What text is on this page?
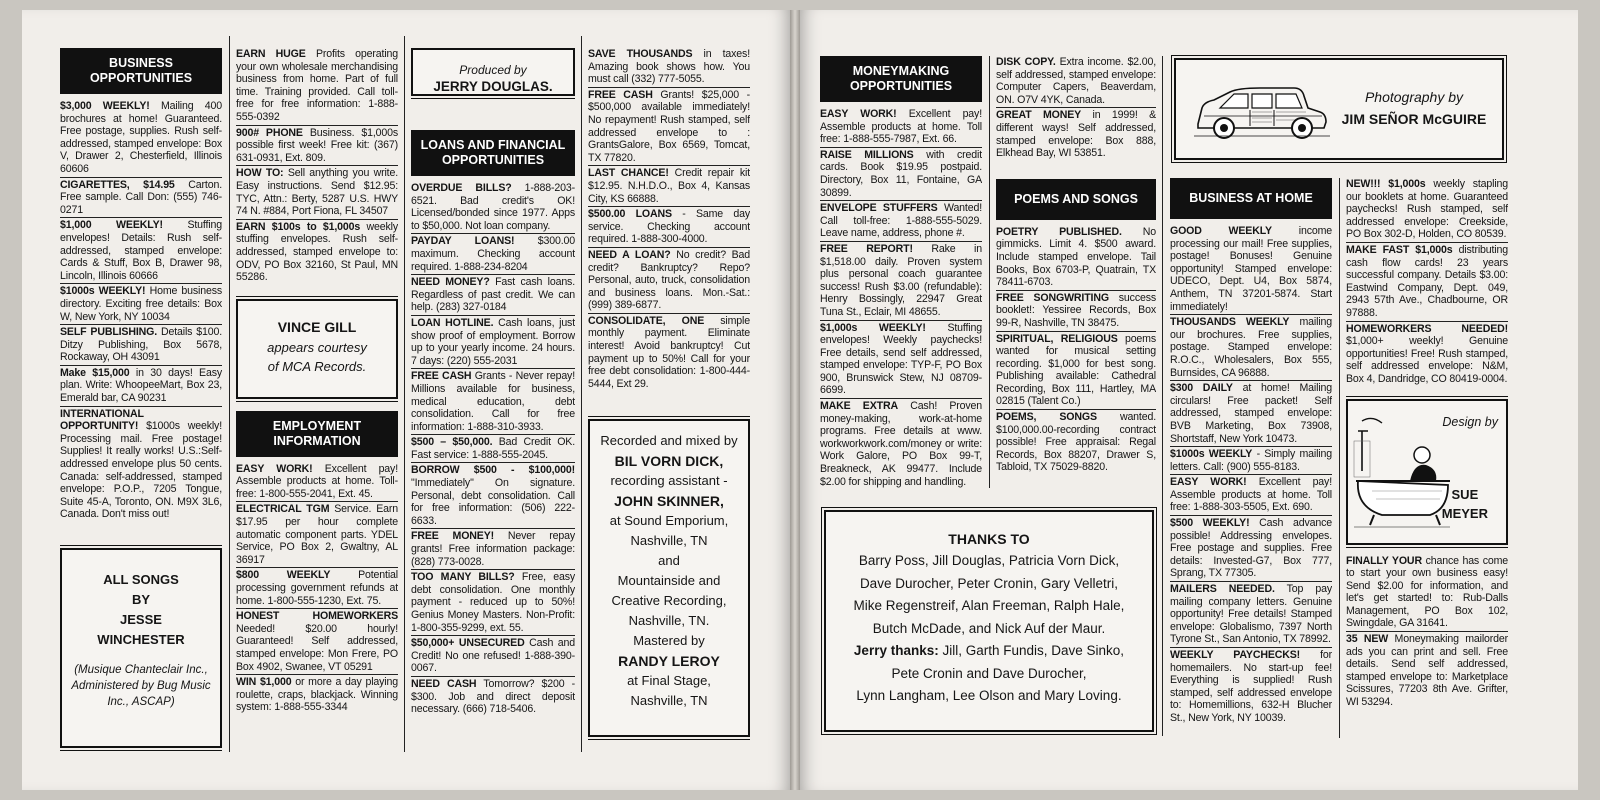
BUSINESS OPPORTUNITIES
$3,000 WEEKLY! Mailing 400 brochures at home! Guaranteed. Free postage, supplies. Rush self-addressed, stamped envelope: Box V, Drawer 2, Chesterfield, Illinois 60606
CIGARETTES, $14.95 Carton. Free sample. Call Don: (555) 746-0271
$1,000 WEEKLY! Stuffing envelopes! Details: Rush self-addressed, stamped envelope: Cards & Stuff, Box B, Drawer 98, Lincoln, Illinois 60666
$1000s WEEKLY! Home business directory. Exciting free details: Box W, New York, NY 10034
SELF PUBLISHING. Details $100. Ditzy Publishing, Box 5678, Rockaway, OH 43091
Make $15,000 in 30 days! Easy plan. Write: WhoopeeMart, Box 23, Emerald bar, CA 90231
INTERNATIONAL OPPORTUNITY! $1000s weekly! Processing mail. Free postage! Supplies! It really works! U.S.:Self-addressed envelope plus 50 cents. Canada: self-addressed, stamped envelope: P.O.P., 7205 Tongue, Suite 45-A, Toronto, ON. M9X 3L6, Canada. Don't miss out!
ALL SONGS
BY
JESSE
WINCHESTER
(Musique Chanteclair Inc., Administered by Bug Music Inc., ASCAP)
EARN HUGE Profits operating your own wholesale merchandising business from home. Part of full time. Training provided. Call toll-free for free information: 1-888-555-0392
900# PHONE Business. $1,000s possible first week! Free kit: (367) 631-0931, Ext. 809.
HOW TO: Sell anything you write. Easy instructions. Send $12.95: TYC, Attn.: Berty, 5287 U.S. HWY 74 N. #884, Port Fiona, FL 34507
EARN $100s to $1,000s weekly stuffing envelopes. Rush self-addressed, stamped envelope to: ODV, PO Box 32160, St Paul, MN 55286.
VINCE GILL
appears courtesy
of MCA Records.
EMPLOYMENT INFORMATION
EASY WORK! Excellent pay! Assemble products at home. Toll-free: 1-800-555-2041, Ext. 45.
ELECTRICAL TGM Service. Earn $17.95 per hour complete automatic component parts. YDEL Service, PO Box 2, Gwaltny, AL 36917
$800 WEEKLY	Potential processing government refunds at home. 1-800-555-1230, Ext. 75.
HONEST HOMEWORKERS Needed! $20.00 hourly! Guaranteed! Self addressed, stamped envelope: Mon Frere, PO Box 4902, Swanee, VT 05291
WIN $1,000 or more a day playing roulette, craps, blackjack. Winning system: 1-888-555-3344
Produced by
JERRY DOUGLAS.
LOANS AND FINANCIAL OPPORTUNITIES
OVERDUE BILLS? 1-888-203-6521. Bad credit's OK! Licensed/bonded since 1977. Apps to $50,000. Not loan company.
PAYDAY LOANS! $300.00 maximum. Checking account required. 1-888-234-8204
NEED MONEY? Fast cash loans. Regardless of past credit. We can help. (283) 327-0184
LOAN HOTLINE. Cash loans, just show proof of employment. Borrow up to your yearly income. 24 hours. 7 days: (220) 555-2031
FREE CASH Grants - Never repay! Millions available for business, medical education, debt consolidation. Call for free information: 1-888-310-3933.
$500 – $50,000. Bad Credit OK. Fast service: 1-888-555-2045.
BORROW $500 - $100,000! "Immediately" On signature. Personal, debt consolidation. Call for free information: (506) 222-6633.
FREE MONEY! Never repay grants! Free information package: (828) 773-0028.
TOO MANY BILLS? Free, easy debt consolidation. One monthly payment - reduced up to 50%! Genius Money Masters. Non-Profit: 1-800-355-9299, ext. 55.
$50,000+ UNSECURED Cash and Credit! No one refused! 1-888-390-0067.
NEED CASH Tomorrow? $200 - $300. Job and direct deposit necessary. (666) 718-5406.
SAVE THOUSANDS in taxes! Amazing book shows how. You must call (332) 777-5055.
FREE CASH Grants! $25,000 - $500,000 available immediately! No repayment! Rush stamped, self addressed envelope to : GrantsGalore, Box 6569, Tomcat, TX 77820.
LAST CHANCE! Credit repair kit $12.95. N.H.D.O., Box 4, Kansas City, KS 66888.
$500.00 LOANS - Same day service. Checking account required. 1-888-300-4000.
NEED A LOAN? No credit? Bad credit? Bankruptcy? Repo? Personal, auto, truck, consolidation and business loans. Mon.-Sat.: (999) 389-6877.
CONSOLIDATE, ONE simple monthly payment. Eliminate interest! Avoid bankruptcy! Cut payment up to 50%! Call for your free debt consolidation: 1-800-444-5444, Ext 29.
Recorded and mixed by
BIL VORN DICK,
recording assistant -
JOHN SKINNER,
at Sound Emporium,
Nashville, TN
and
Mountainside and
Creative Recording,
Nashville, TN.
Mastered by
RANDY LEROY
at Final Stage,
Nashville, TN
MONEYMAKING OPPORTUNITIES
EASY WORK! Excellent pay! Assemble products at home. Toll free: 1-888-555-7987, Ext. 66.
RAISE MILLIONS with credit cards. Book $19.95 postpaid. Directory, Box 11, Fontaine, GA 30899.
ENVELOPE STUFFERS Wanted! Call toll-free: 1-888-555-5029. Leave name, address, phone #.
FREE REPORT! Rake in $1,518.00 daily. Proven system plus personal coach guarantee success! Rush $3.00 (refundable): Henry Bossingly, 22947 Great Tuna St., Eclair, MI 48655.
$1,000s WEEKLY! Stuffing envelopes! Weekly paychecks! Free details, send self addressed, stamped envelope: TYP-F, PO Box 900, Brunswick Stew, NJ 08709-6699.
MAKE EXTRA Cash! Proven money-making, work-at-home programs. Free details at www. workworkwork.com/money or write: Work Galore, PO Box 99-T, Breakneck, AK 99477. Include $2.00 for shipping and handling.
DISK COPY. Extra income. $2.00, self addressed, stamped envelope: Computer Capers, Beaverdam, ON. O7V 4YK, Canada.
GREAT MONEY in 1999! & different ways! Self addressed, stamped envelope: Box 888, Elkhead Bay, WI 53851.
POEMS AND SONGS
POETRY PUBLISHED. No gimmicks. Limit 4. $500 award. Include stamped envelope. Tail Books, Box 6703-P, Quatrain, TX 78411-6703.
FREE SONGWRITING success booklet!: Yessiree Records, Box 99-R, Nashville, TN 38475.
SPIRITUAL, RELIGIOUS poems wanted for musical setting recording. $1,000 for best song. Publishing available: Cathedral Recording, Box 111, Hartley, MA 02815 (Talent Co.)
POEMS, SONGS wanted. $100,000.00-recording contract possible! Free appraisal: Regal Records, Box 88207, Drawer S, Tabloid, TX 75029-8820.
THANKS TO
Barry Poss, Jill Douglas, Patricia Vorn Dick,
Dave Durocher, Peter Cronin, Gary Velletri,
Mike Regenstreif, Alan Freeman, Ralph Hale,
Butch McDade, and Nick Auf der Maur.
Jerry thanks: Jill, Garth Fundis, Dave Sinko,
Pete Cronin and Dave Durocher,
Lynn Langham, Lee Olson and Mary Loving.
Photography by
JIM SEÑOR McGUIRE
BUSINESS AT HOME
GOOD WEEKLY	income processing our mail! Free supplies, postage! Bonuses! Genuine opportunity! Stamped envelope: UDECO, Dept. U4, Box 5874, Anthem, TN 37201-5874. Start immediately!
THOUSANDS WEEKLY mailing our brochures. Free supplies, postage. Stamped envelope: R.O.C., Wholesalers, Box 555, Burnsides, CA 96888.
$300 DAILY at home! Mailing circulars! Free packet! Self addressed, stamped envelope: BVB Marketing, Box 73908, Shortstaff, New York 10473.
$1000s WEEKLY - Simply mailing letters. Call: (900) 555-8183.
EASY WORK! Excellent pay! Assemble products at home. Toll free: 1-888-303-5505, Ext. 690.
$500 WEEKLY! Cash advance possible! Addressing envelopes. Free postage and supplies. Free details: Invested-G7, Box 777, Sprang, TX 77305.
MAILERS NEEDED. Top pay mailing company letters. Genuine opportunity! Free details! Stamped envelope: Globalismo, 7397 North Tyrone St., San Antonio, TX 78992.
WEEKLY PAYCHECKS! for homemailers. No start-up fee! Everything is supplied! Rush stamped, self addressed envelope to: Homemillions, 632-H Blucher St., New York, NY 10039.
NEW!!! $1,000s weekly stapling our booklets at home. Guaranteed paychecks! Rush stamped, self addressed envelope: Creekside, PO Box 302-D, Holden, CO 80539.
MAKE FAST $1,000s distributing cash flow cards! 23 years successful company. Details $3.00: Eastwind Company, Dept. 049, 2943 57th Ave., Chadbourne, OR 97888.
HOMEWORKERS NEEDED! $1,000+ weekly! Genuine opportunities! Free! Rush stamped, self addressed envelope: N&M, Box 4, Dandridge, CO 80419-0004.
Design by
SUE
MEYER
FINALLY YOUR chance has come to start your own business easy! Send $2.00 for information, and let's get started! to: Rub-Dalls Management, PO Box 102, Swingdale, GA 31641.
35 NEW Moneymaking mailorder ads you can print and sell. Free details. Send self addressed, stamped envelope to: Marketplace Scissures, 77203 8th Ave. Grifter, WI 53294.
